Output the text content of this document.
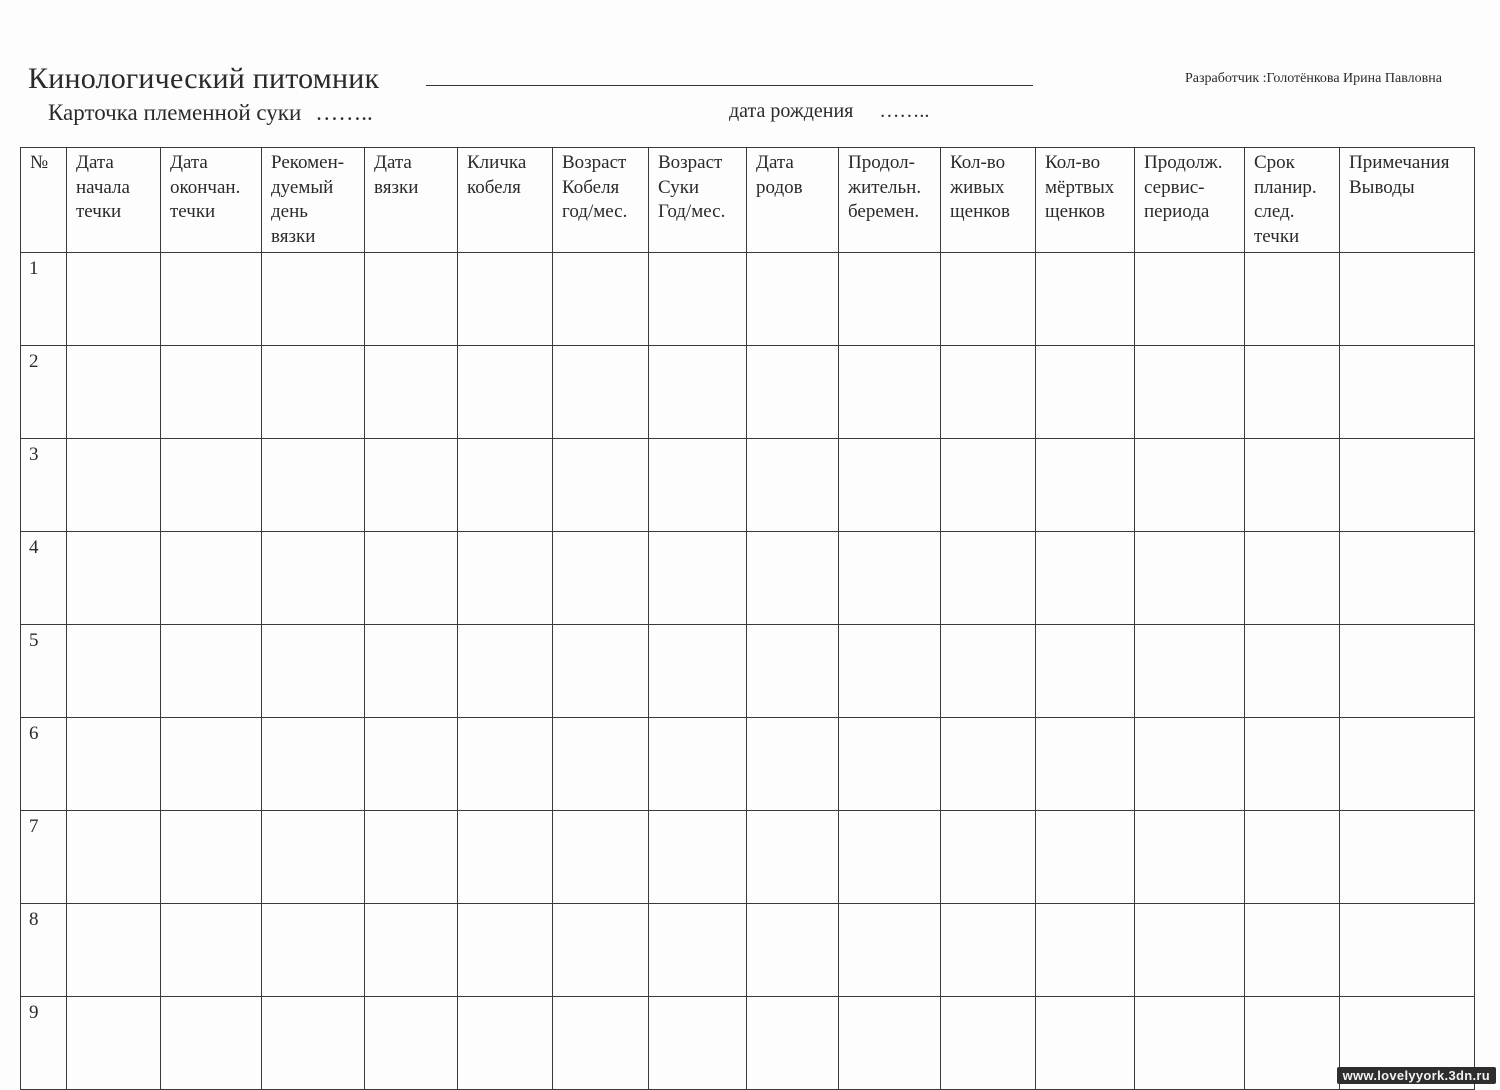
Кинологический питомник	Разработчик :Голотёнкова Ирина Павловна
Карточка племенной суки ……..	дата рождения ……..
№	Дата
начала
течки	Дата
окончан.
течки	Рекомен-
дуемый
день
вязки	Дата
вязки	Кличка
кобеля	Возраст
Кобеля
год/мес.	Возраст
Суки
Год/мес.	Дата
родов	Продол-
жительн.
беремен.	Кол-во
живых
щенков	Кол-во
мёртвых
щенков	Продолж.
сервис-
периода	Срок
планир.
след.
течки	Примечания
Выводы
1														
2														
3														
4														
5														
6														
7														
8														
9														
www.lovelyyork.3dn.ru
